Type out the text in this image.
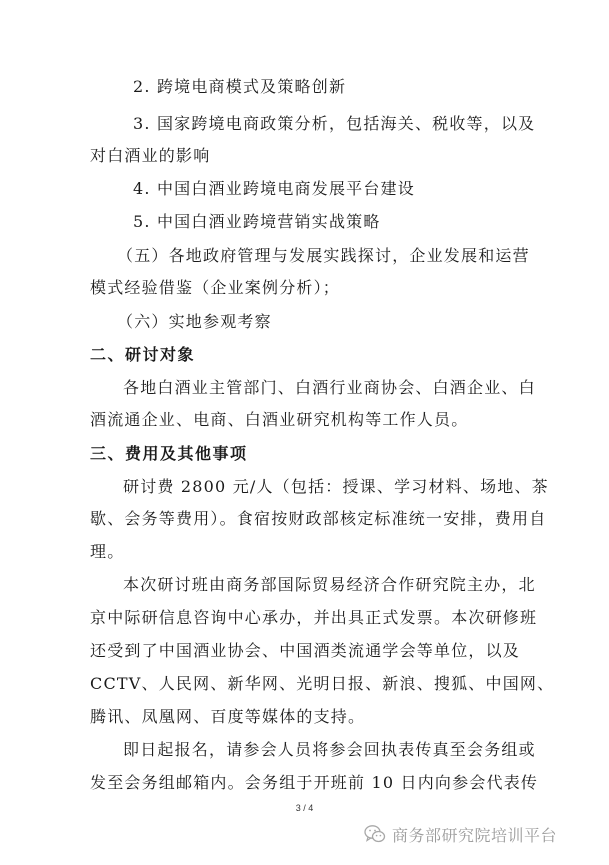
2. 跨境电商模式及策略创新
3. 国家跨境电商政策分析，包括海关、税收等，以及
对白酒业的影响
4. 中国白酒业跨境电商发展平台建设
5. 中国白酒业跨境营销实战策略
（五）各地政府管理与发展实践探讨，企业发展和运营
模式经验借鉴（企业案例分析）；
（六）实地参观考察
二、研讨对象
各地白酒业主管部门、白酒行业商协会、白酒企业、白
酒流通企业、电商、白酒业研究机构等工作人员。
三、费用及其他事项
研讨费 2800 元/人（包括：授课、学习材料、场地、茶
歇、会务等费用）。食宿按财政部核定标准统一安排，费用自
理。
本次研讨班由商务部国际贸易经济合作研究院主办，北
京中际研信息咨询中心承办，并出具正式发票。本次研修班
还受到了中国酒业协会、中国酒类流通学会等单位，以及
CCTV、人民网、新华网、光明日报、新浪、搜狐、中国网、
腾讯、凤凰网、百度等媒体的支持。
即日起报名，请参会人员将参会回执表传真至会务组或
发至会务组邮箱内。会务组于开班前 10 日内向参会代表传
3 / 4
商务部研究院培训平台
